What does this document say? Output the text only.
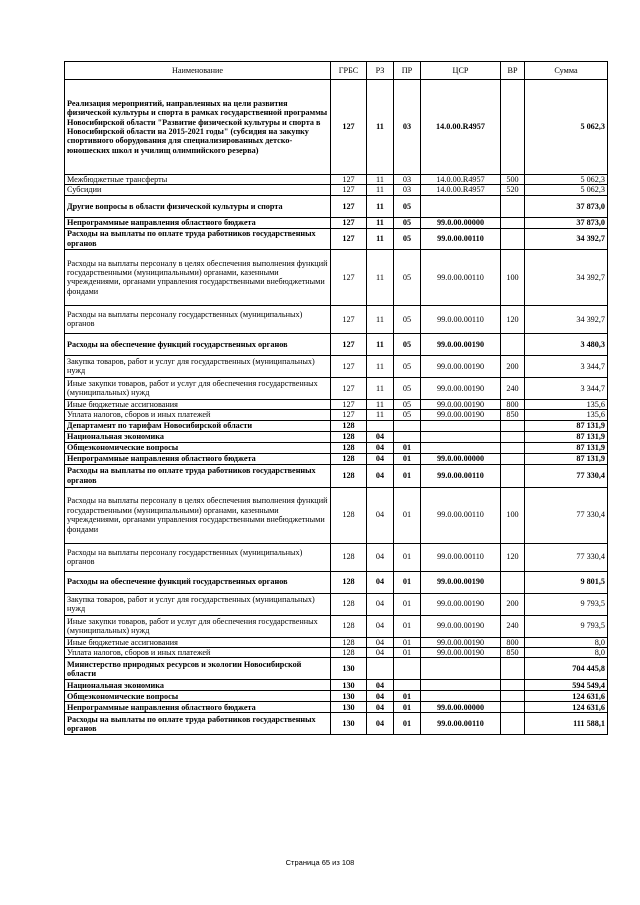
Наименование	ГРБС	РЗ	ПР	ЦСР	ВР	Сумма
Реализация мероприятий, направленных на цели развития физической культуры и спорта в рамках государственной программы Новосибирской области "Развитие физической культуры и спорта в Новосибирской области на 2015-2021 годы" (субсидия на закупку спортивного оборудования для специализированных детско-юношеских школ и училищ олимпийского резерва)	127	11	03	14.0.00.R4957		5 062,3
Межбюджетные трансферты	127	11	03	14.0.00.R4957	500	5 062,3
Субсидии	127	11	03	14.0.00.R4957	520	5 062,3
Другие вопросы в области физической культуры и спорта	127	11	05			37 873,0
Непрограммные направления областного бюджета	127	11	05	99.0.00.00000		37 873,0
Расходы на выплаты по оплате труда работников государственных органов	127	11	05	99.0.00.00110		34 392,7
Расходы на выплаты персоналу в целях обеспечения выполнения функций государственными (муниципальными) органами, казенными учреждениями, органами управления государственными внебюджетными фондами	127	11	05	99.0.00.00110	100	34 392,7
Расходы на выплаты персоналу государственных (муниципальных) органов	127	11	05	99.0.00.00110	120	34 392,7
Расходы на обеспечение функций государственных органов	127	11	05	99.0.00.00190		3 480,3
Закупка товаров, работ и услуг для государственных (муниципальных) нужд	127	11	05	99.0.00.00190	200	3 344,7
Иные закупки товаров, работ и услуг для обеспечения государственных (муниципальных) нужд	127	11	05	99.0.00.00190	240	3 344,7
Иные бюджетные ассигнования	127	11	05	99.0.00.00190	800	135,6
Уплата налогов, сборов и иных платежей	127	11	05	99.0.00.00190	850	135,6
Департамент по тарифам Новосибирской области	128					87 131,9
Национальная экономика	128	04				87 131,9
Общеэкономические вопросы	128	04	01			87 131,9
Непрограммные направления областного бюджета	128	04	01	99.0.00.00000		87 131,9
Расходы на выплаты по оплате труда работников государственных органов	128	04	01	99.0.00.00110		77 330,4
Расходы на выплаты персоналу в целях обеспечения выполнения функций государственными (муниципальными) органами, казенными учреждениями, органами управления государственными внебюджетными фондами	128	04	01	99.0.00.00110	100	77 330,4
Расходы на выплаты персоналу государственных (муниципальных) органов	128	04	01	99.0.00.00110	120	77 330,4
Расходы на обеспечение функций государственных органов	128	04	01	99.0.00.00190		9 801,5
Закупка товаров, работ и услуг для государственных (муниципальных) нужд	128	04	01	99.0.00.00190	200	9 793,5
Иные закупки товаров, работ и услуг для обеспечения государственных (муниципальных) нужд	128	04	01	99.0.00.00190	240	9 793,5
Иные бюджетные ассигнования	128	04	01	99.0.00.00190	800	8,0
Уплата налогов, сборов и иных платежей	128	04	01	99.0.00.00190	850	8,0
Министерство природных ресурсов и экологии Новосибирской области	130					704 445,8
Национальная экономика	130	04				594 549,4
Общеэкономические вопросы	130	04	01			124 631,6
Непрограммные направления областного бюджета	130	04	01	99.0.00.00000		124 631,6
Расходы на выплаты по оплате труда работников государственных органов	130	04	01	99.0.00.00110		111 588,1
Страница 65 из 108
